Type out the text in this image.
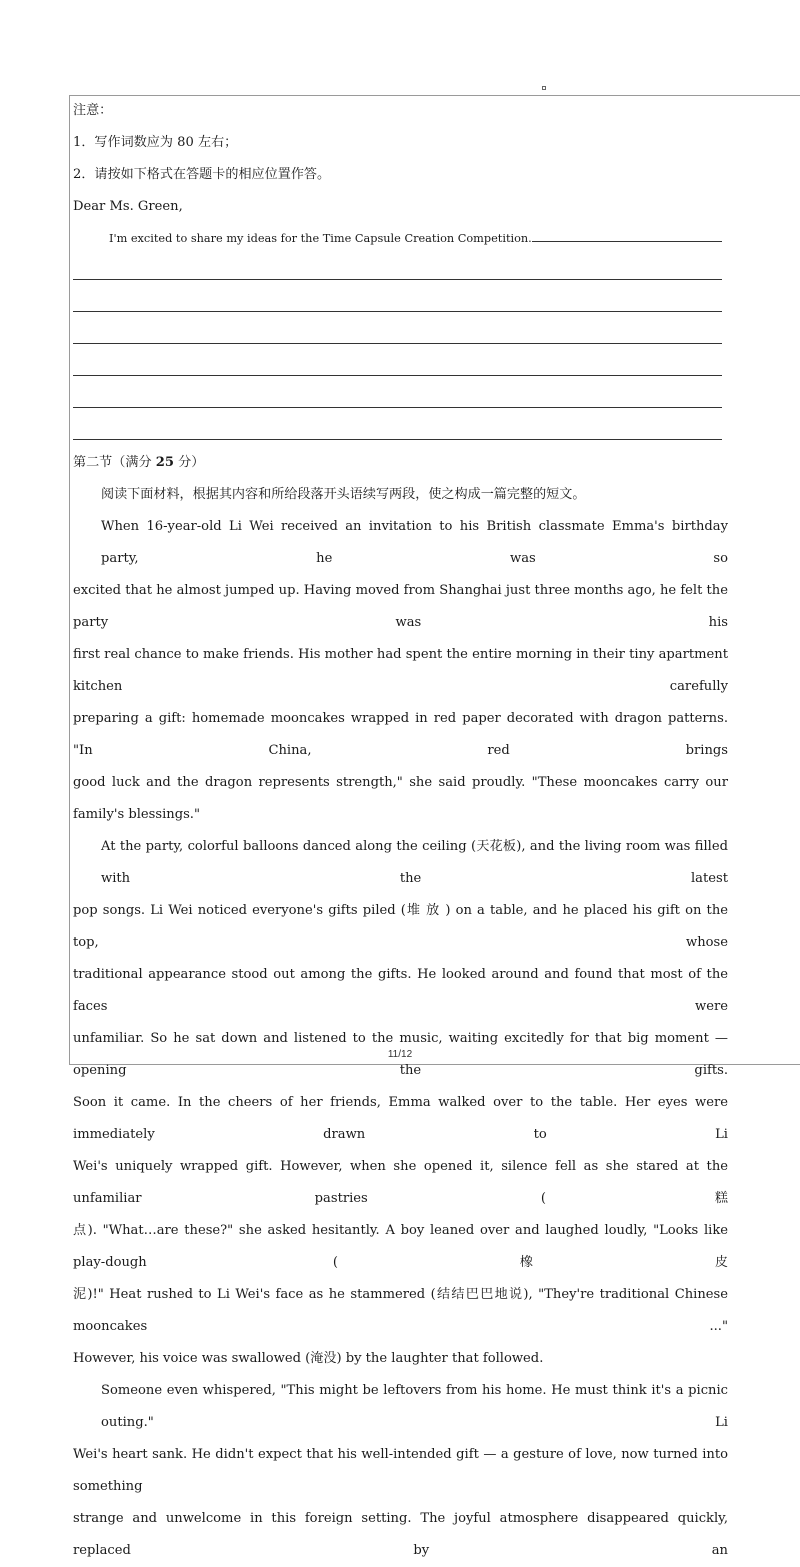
注意：

1．写作词数应为 80 左右；

2．请按如下格式在答题卡的相应位置作答。

Dear Ms. Green,

I'm excited to share my ideas for the Time Capsule Creation Competition.

第二节（满分 25 分）

阅读下面材料，根据其内容和所给段落开头语续写两段，使之构成一篇完整的短文。

When 16-year-old Li Wei received an invitation to his British classmate Emma's birthday party, he was so

excited that he almost jumped up. Having moved from Shanghai just three months ago, he felt the party was his

first real chance to make friends. His mother had spent the entire morning in their tiny apartment kitchen carefully

preparing a gift: homemade mooncakes wrapped in red paper decorated with dragon patterns. "In China, red brings

good luck and the dragon represents strength," she said proudly. "These mooncakes carry our family's blessings."

At the party, colorful balloons danced along the ceiling (天花板), and the living room was filled with the latest

pop songs. Li Wei noticed everyone's gifts piled (堆 放 ) on a table, and he placed his gift on the top, whose

traditional appearance stood out among the gifts. He looked around and found that most of the faces were

unfamiliar. So he sat down and listened to the music, waiting excitedly for that big moment — opening the gifts.

Soon it came. In the cheers of her friends, Emma walked over to the table. Her eyes were immediately drawn to Li

Wei's uniquely wrapped gift. However, when she opened it, silence fell as she stared at the unfamiliar pastries (糕

点). "What…are these?" she asked hesitantly. A boy leaned over and laughed loudly, "Looks like play-dough (橡皮

泥)!" Heat rushed to Li Wei's face as he stammered (结结巴巴地说), "They're traditional Chinese mooncakes ..."

However, his voice was swallowed (淹没) by the laughter that followed.

Someone even whispered, "This might be leftovers from his home. He must think it's a picnic outing." Li

Wei's heart sank. He didn't expect that his well-intended gift — a gesture of love, now turned into something

strange and unwelcome in this foreign setting. The joyful atmosphere disappeared quickly, replaced by an

11/12
